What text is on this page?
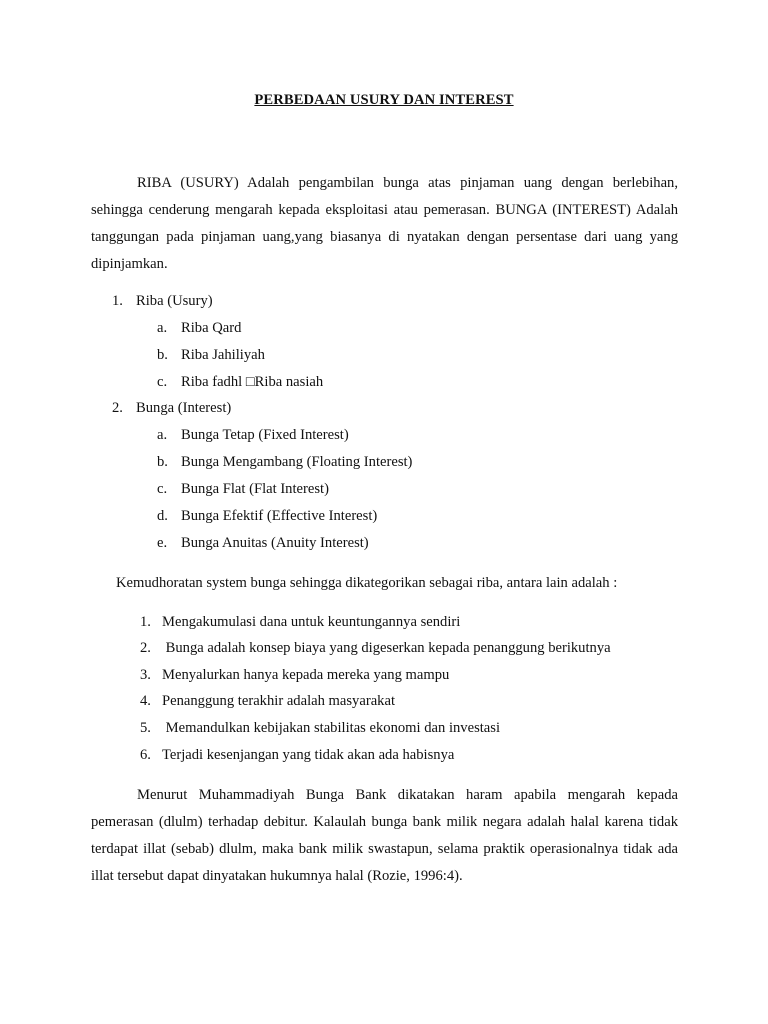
PERBEDAAN USURY DAN INTEREST

RIBA (USURY) Adalah pengambilan bunga atas pinjaman uang dengan berlebihan, sehingga cenderung mengarah kepada eksploitasi atau pemerasan. BUNGA (INTEREST) Adalah tanggungan pada pinjaman uang,yang biasanya di nyatakan dengan persentase dari uang yang dipinjamkan.

1. Riba (Usury)
a. Riba Qard
b. Riba Jahiliyah
c. Riba fadhl □Riba nasiah
2. Bunga (Interest)
a. Bunga Tetap (Fixed Interest)
b. Bunga Mengambang (Floating Interest)
c. Bunga Flat (Flat Interest)
d. Bunga Efektif (Effective Interest)
e. Bunga Anuitas (Anuity Interest)
Kemudhoratan system bunga sehingga dikategorikan sebagai riba, antara lain adalah :
1. Mengakumulasi dana untuk keuntungannya sendiri
2. Bunga adalah konsep biaya yang digeserkan kepada penanggung berikutnya
3. Menyalurkan hanya kepada mereka yang mampu
4. Penanggung terakhir adalah masyarakat
5. Memandulkan kebijakan stabilitas ekonomi dan investasi
6. Terjadi kesenjangan yang tidak akan ada habisnya

Menurut Muhammadiyah Bunga Bank dikatakan haram apabila mengarah kepada pemerasan (dlulm) terhadap debitur. Kalaulah bunga bank milik negara adalah halal karena tidak terdapat illat (sebab) dlulm, maka bank milik swastapun, selama praktik operasionalnya tidak ada illat tersebut dapat dinyatakan hukumnya halal (Rozie, 1996:4).
